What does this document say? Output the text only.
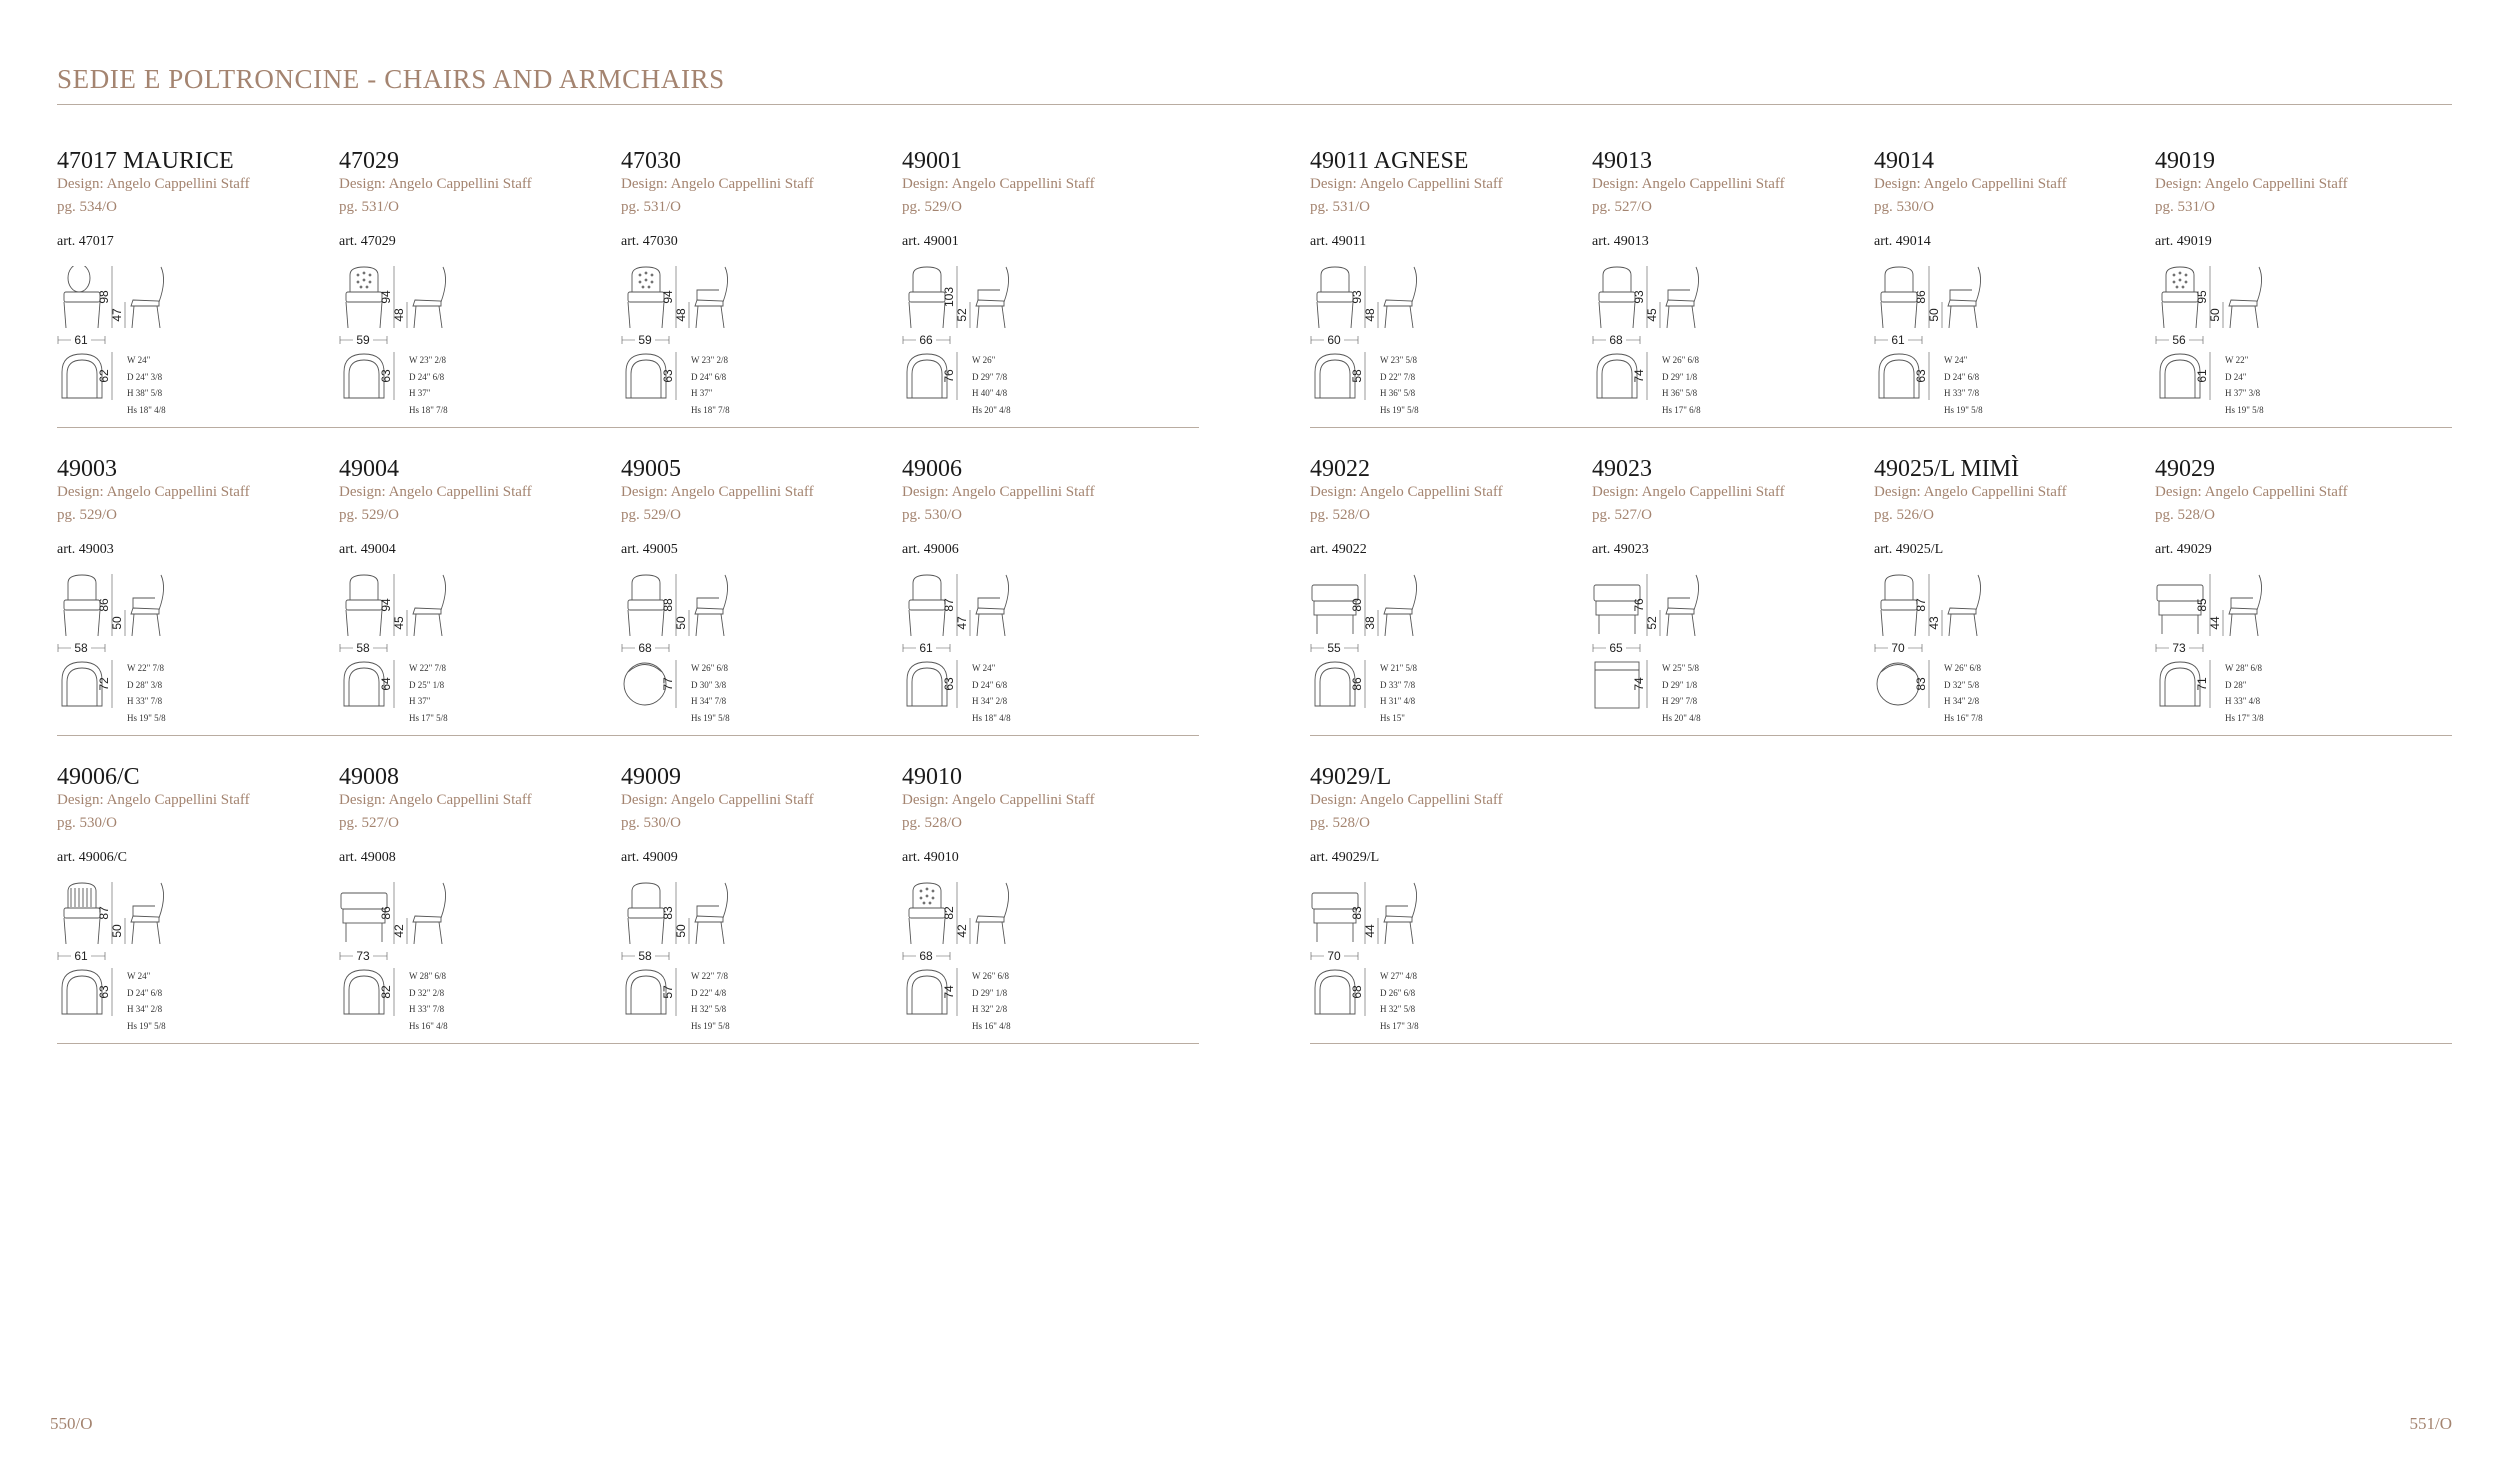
SEDIE E POLTRONCINE - CHAIRS AND ARMCHAIRS
47017 MAURICE
Design: Angelo Cappellini Staff
pg. 534/O
art. 47017
98
47
61
62
W 24"
D 24" 3/8
H 38" 5/8
Hs 18" 4/8
47029
Design: Angelo Cappellini Staff
pg. 531/O
art. 47029
94
48
59
63
W 23" 2/8
D 24" 6/8
H 37"
Hs 18" 7/8
47030
Design: Angelo Cappellini Staff
pg. 531/O
art. 47030
94
48
59
63
W 23" 2/8
D 24" 6/8
H 37"
Hs 18" 7/8
49001
Design: Angelo Cappellini Staff
pg. 529/O
art. 49001
103
52
66
76
W 26"
D 29" 7/8
H 40" 4/8
Hs 20" 4/8
49003
Design: Angelo Cappellini Staff
pg. 529/O
art. 49003
86
50
58
72
W 22" 7/8
D 28" 3/8
H 33" 7/8
Hs 19" 5/8
49004
Design: Angelo Cappellini Staff
pg. 529/O
art. 49004
94
45
58
64
W 22" 7/8
D 25" 1/8
H 37"
Hs 17" 5/8
49005
Design: Angelo Cappellini Staff
pg. 529/O
art. 49005
88
50
68
77
W 26" 6/8
D 30" 3/8
H 34" 7/8
Hs 19" 5/8
49006
Design: Angelo Cappellini Staff
pg. 530/O
art. 49006
87
47
61
63
W 24"
D 24" 6/8
H 34" 2/8
Hs 18" 4/8
49006/C
Design: Angelo Cappellini Staff
pg. 530/O
art. 49006/C
87
50
61
63
W 24"
D 24" 6/8
H 34" 2/8
Hs 19" 5/8
49008
Design: Angelo Cappellini Staff
pg. 527/O
art. 49008
86
42
73
82
W 28" 6/8
D 32" 2/8
H 33" 7/8
Hs 16" 4/8
49009
Design: Angelo Cappellini Staff
pg. 530/O
art. 49009
83
50
58
57
W 22" 7/8
D 22" 4/8
H 32" 5/8
Hs 19" 5/8
49010
Design: Angelo Cappellini Staff
pg. 528/O
art. 49010
82
42
68
74
W 26" 6/8
D 29" 1/8
H 32" 2/8
Hs 16" 4/8
49011 AGNESE
Design: Angelo Cappellini Staff
pg. 531/O
art. 49011
93
48
60
58
W 23" 5/8
D 22" 7/8
H 36" 5/8
Hs 19" 5/8
49013
Design: Angelo Cappellini Staff
pg. 527/O
art. 49013
93
45
68
74
W 26" 6/8
D 29" 1/8
H 36" 5/8
Hs 17" 6/8
49014
Design: Angelo Cappellini Staff
pg. 530/O
art. 49014
86
50
61
63
W 24"
D 24" 6/8
H 33" 7/8
Hs 19" 5/8
49019
Design: Angelo Cappellini Staff
pg. 531/O
art. 49019
95
50
56
61
W 22"
D 24"
H 37" 3/8
Hs 19" 5/8
49022
Design: Angelo Cappellini Staff
pg. 528/O
art. 49022
80
38
55
86
W 21" 5/8
D 33" 7/8
H 31" 4/8
Hs 15"
49023
Design: Angelo Cappellini Staff
pg. 527/O
art. 49023
76
52
65
74
W 25" 5/8
D 29" 1/8
H 29" 7/8
Hs 20" 4/8
49025/L MIMÌ
Design: Angelo Cappellini Staff
pg. 526/O
art. 49025/L
87
43
70
83
W 26" 6/8
D 32" 5/8
H 34" 2/8
Hs 16" 7/8
49029
Design: Angelo Cappellini Staff
pg. 528/O
art. 49029
85
44
73
71
W 28" 6/8
D 28"
H 33" 4/8
Hs 17" 3/8
49029/L
Design: Angelo Cappellini Staff
pg. 528/O
art. 49029/L
83
44
70
68
W 27" 4/8
D 26" 6/8
H 32" 5/8
Hs 17" 3/8
550/O	551/O
